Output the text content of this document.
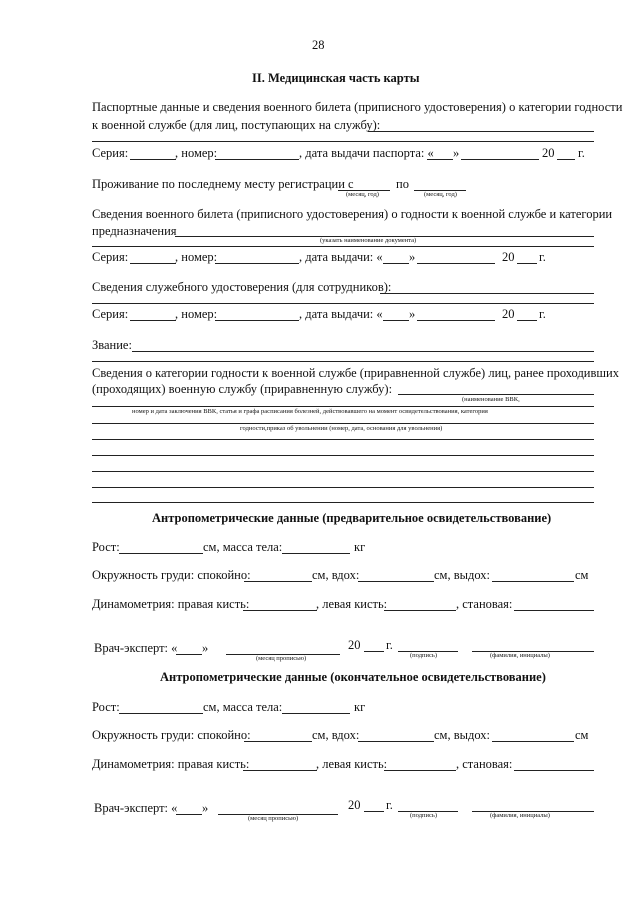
28
II. Медицинская часть карты
Паспортные данные и сведения военного билета (приписного удостоверения) о категории годности
к военной службе (для лиц, поступающих на службу):
Серия:	, номер:	, дата выдачи паспорта: « »	20 г.
Проживание по последнему месту регистрации с	по
(месяц, год)	(месяц, год)
Сведения военного билета (приписного удостоверения) о годности к военной службе и категории
предназначения
(указать наименование документа)
Серия:	, номер:	, дата выдачи: « »	20 г.
Сведения служебного удостоверения (для сотрудников):
Серия:	, номер:	, дата выдачи: « »	20 г.
Звание:
Сведения о категории годности к военной службе (приравненной службе) лиц, ранее проходивших
(проходящих) военную службу (приравненную службу):
(наименование ВВК,
номер и дата заключения ВВК, статья и графа расписания болезней, действовавшего на момент освидетельствования, категория
годности,приказ об увольнении (номер, дата, основания для увольнения)
Антропометрические данные (предварительное освидетельствование)
Рост:	см, масса тела:	кг
Окружность груди: спокойно:	см, вдох:	см, выдох:	см
Динамометрия: правая кисть:	, левая кисть:	, становая:
Врач-эксперт: « »
(месяц прописью)
20 г.
(подпись)	(фамилия, инициалы)
Антропометрические данные (окончательное освидетельствование)
Рост:	см, масса тела:	кг
Окружность груди: спокойно:	см, вдох:	см, выдох:	см
Динамометрия: правая кисть:	, левая кисть:	, становая:
Врач-эксперт: « »
(месяц прописью)
20 г.
(подпись)	(фамилия, инициалы)
